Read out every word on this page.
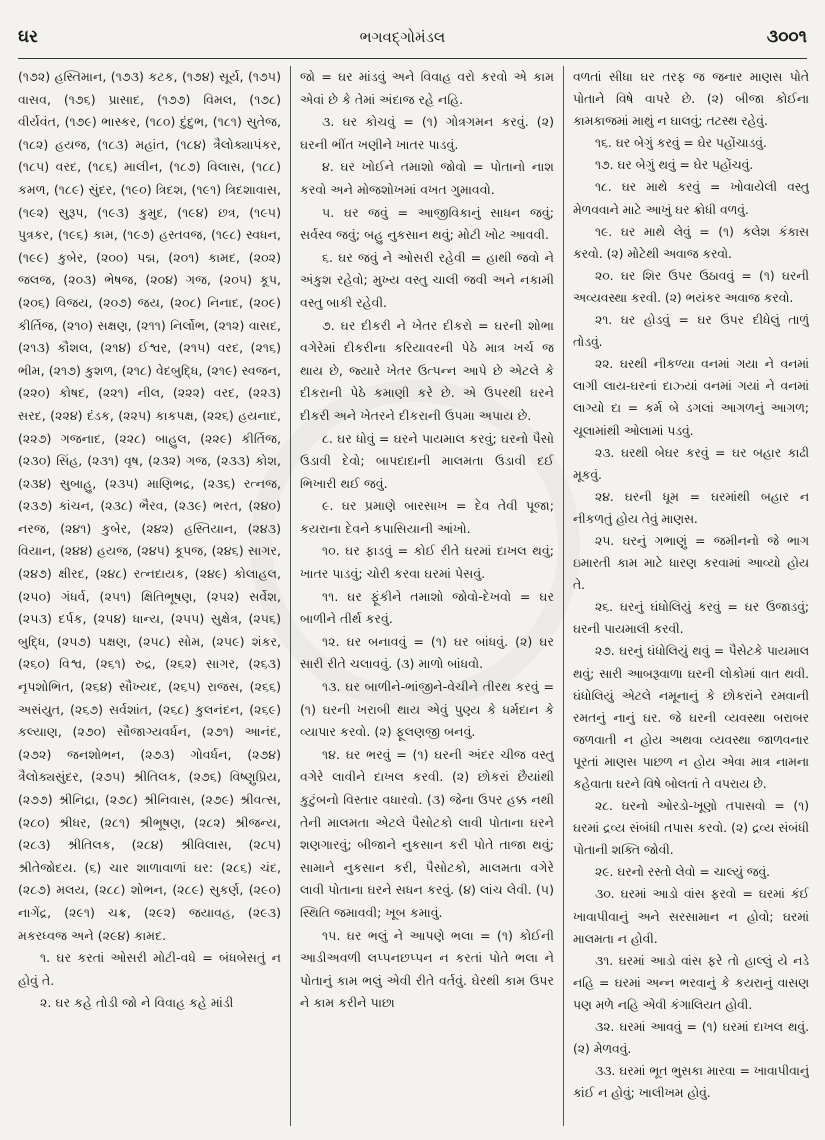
ઘર	ભગવદ્ગોમંડલ	૩૦૦૧

(૧૭૨) હસ્તિમાન, (૧૭૩) કટક, (૧૭૪) સૂર્ય, (૧૭૫) વાસવ, (૧૭૬) પ્રાસાદ, (૧૭૭) વિમલ, (૧૭૮) વીર્યવંત, (૧૭૯) ભાસ્કર, (૧૮૦) દુંદુભ, (૧૮૧) સુતેજ, (૧૮૨) હયજ, (૧૮૩) મહાંત, (૧૮૪) ત્રૈલોક્યાપંકર, (૧૮૫) વરદ, (૧૮૬) માલીન, (૧૮૭) વિલાસ, (૧૮૮) કમળ, (૧૮૯) સુંદર, (૧૯૦) ત્રિદશ, (૧૯૧) ત્રિદશાવાસ, (૧૯૨) સુરૂપ, (૧૯૩) કુમુદ, (૧૯૪) છત્ર, (૧૯૫) પુત્રકર, (૧૯૬) કામ, (૧૯૭) હસ્તવજ, (૧૯૮) સ્વધન, (૧૯૯) કુબેર, (૨૦૦) પદ્મ, (૨૦૧) કામદ, (૨૦૨) જલજ, (૨૦૩) ભેષજ, (૨૦૪) ગજ, (૨૦૫) કૂપ, (૨૦૬) વિજય, (૨૦૭) જય, (૨૦૮) નિનાદ, (૨૦૯) કીર્તિજ, (૨૧૦) સક્ષણ, (૨૧૧) નિર્લોભ, (૨૧૨) વાસદ, (૨૧૩) કૌશલ, (૨૧૪) ઈશ્વર, (૨૧૫) વરદ, (૨૧૬) ભીમ, (૨૧૭) કુશળ, (૨૧૮) વેદબુદ્ધિ, (૨૧૯) સ્વજન, (૨૨૦) કોષદ, (૨૨૧) નીલ, (૨૨૨) વરદ, (૨૨૩) સરદ, (૨૨૪) દંડક, (૨૨૫) કાકપક્ષ, (૨૨૬) હયનાદ, (૨૨૭) ગજનાદ, (૨૨૮) બાહુલ, (૨૨૯) કીર્તિજ, (૨૩૦) સિંહ, (૨૩૧) વૃષ, (૨૩૨) ગજ, (૨૩૩) કોશ, (૨૩૪) સુબાહુ, (૨૩૫) માણિભદ્ર, (૨૩૬) રત્નજ, (૨૩૭) કાંચન, (૨૩૮) ભૈરવ, (૨૩૯) ભરત, (૨૪૦) નરજ, (૨૪૧) કુબેર, (૨૪૨) હસ્તિયાન, (૨૪૩) વિયાન, (૨૪૪) હયજ, (૨૪૫) કૂપજ, (૨૪૬) સાગર, (૨૪૭) ક્ષીરદ, (૨૪૮) રત્નદાયક, (૨૪૯) કોલાહલ, (૨૫૦) ગંધર્વ, (૨૫૧) ક્ષિતિભૂષણ, (૨૫૨) સર્વેશ, (૨૫૩) દર્પક, (૨૫૪) ધાન્ય, (૨૫૫) સુક્ષેત્ર, (૨૫૬) બુદ્ધિ, (૨૫૭) પક્ષણ, (૨૫૮) સોમ, (૨૫૯) શંકર, (૨૬૦) વિશ્વ, (૨૬૧) રુદ્ર, (૨૬૨) સાગર, (૨૬૩) નૃપશોભિત, (૨૬૪) સૌખ્યદ, (૨૬૫) રાજસ, (૨૬૬) અસંયુત, (૨૬૭) સર્વશાંત, (૨૬૮) કુલનંદન, (૨૬૯) કલ્યાણ, (૨૭૦) સૌજાગ્યવર્ધન, (૨૭૧) આનંદ, (૨૭૨) જનશોભન, (૨૭૩) ગોવર્ધન, (૨૭૪) ત્રૈલોક્યસુંદર, (૨૭૫) શ્રીતિલક, (૨૭૬) વિષ્ણુપ્રિય, (૨૭૭) શ્રીનિદ્રા, (૨૭૮) શ્રીનિવાસ, (૨૭૯) શ્રીવત્સ, (૨૮૦) શ્રીધર, (૨૮૧) શ્રીભૂષણ, (૨૮૨) શ્રીજન્ય, (૨૮૩) શ્રીતિલક, (૨૮૪) શ્રીવિલાસ, (૨૮૫) શ્રીતેજોદય. (૬) ચાર શાળાવાળાં ઘર: (૨૮૬) ચંદ, (૨૮૭) મલય, (૨૮૮) શોભન, (૨૮૯) સુકર્ણ, (૨૯૦) નાગેંદ્ર, (૨૯૧) ચક્ર, (૨૯૨) જયાવહ, (૨૯૩) મકરધ્વજ અને (૨૯૪) કામદ.

૧. ઘર કરતાં ઓસરી મોટી-વધે = બંધબેસતું ન હોવું તે.

૨. ઘર કહે તોડી જો ને વિવાહ કહે માંડી

જો = ઘર માંડવું અને વિવાહ વરો કરવો એ કામ એવાં છે કે તેમાં અંદાજ રહે નહિ.

૩. ઘર કોચવું = (૧) ગોત્રગમન કરવું. (૨) ઘરની ભીંત ખણીને ખાતર પાડવું.

૪. ઘર ખોઈને તમાશો જોવો = પોતાનો નાશ કરવો અને મોજશોખમાં વખત ગુમાવવો.

૫. ઘર જવું = આજીવિકાનું સાધન જવું; સર્વસ્વ જવું; બહુ નુકસાન થવું; મોટી ખોટ આવવી.

૬. ઘર જવું ને ઓસરી રહેવી = હાથી જવો ને અંકુશ રહેવો; મુખ્ય વસ્તુ ચાલી જવી અને નકામી વસ્તુ બાકી રહેવી.

૭. ઘર દીકરી ને ખેતર દીકરો = ઘરની શોભા વગેરેમાં દીકરીના કરિયાવરની પેઠે માત્ર ખર્ચ જ થાય છે, જ્યારે ખેતર ઉત્પન્ન આપે છે એટલે કે દીકરાની પેઠે કમાણી કરે છે. એ ઉપરથી ઘરને દીકરી અને ખેતરને દીકરાની ઉપમા અપાય છે.

૮. ઘર ધોવું = ઘરને પાયમાલ કરવું; ઘરનો પૈસો ઉડાવી દેવો; બાપદાદાની માલમતા ઉડાવી દઈ ભિખારી થઈ જવું.

૯. ઘર પ્રમાણે બારસાખ = દેવ તેવી પૂજા; કયરાના દેવને કપાસિયાની આંખો.

૧૦. ઘર ફાડવું = કોઈ રીતે ઘરમાં દાખલ થવું; ખાતર પાડવું; ચોરી કરવા ઘરમાં પેસવું.

૧૧. ઘર ફૂંકીને તમાશો જોવો-દેખવો = ઘર બાળીને તીર્થ કરવું.

૧૨. ઘર બનાવવું = (૧) ઘર બાંધવું. (૨) ઘર સારી રીતે ચલાવવું. (૩) માળો બાંધવો.

૧૩. ઘર બાળીને-ભાંજીને-વેચીને તીરથ કરવું = (૧) ઘરની ખરાબી થાય એવું પુણ્ય કે ધર્મદાન કે વ્યાપાર કરવો. (૨) ફૂલણજી બનવું.

૧૪. ઘર ભરવું = (૧) ઘરની અંદર ચીજ વસ્તુ વગેરે લાવીને દાખલ કરવી. (૨) છોકરાં છૈયાંથી કુટુંબનો વિસ્તાર વધારવો. (૩) જેના ઉપર હક્ક નથી તેની માલમતા એટલે પૈસોટકો લાવી પોતાના ઘરને શણગારવું; બીજાને નુકસાન કરી પોતે તાજા થવું; સામાને નુકસાન કરી, પૈસોટકો, માલમતા વગેરે લાવી પોતાના ઘરને સધન કરવું. (૪) લાંચ લેવી. (૫) સ્થિતિ જમાવવી; ખૂબ કમાવું.

૧૫. ઘર ભલું ને આપણે ભલા = (૧) કોઈની આડીઅવળી લપ્પનછપ્પન ન કરતાં પોતે ભલા ને પોતાનું કામ ભલું એવી રીતે વર્તવું. ઘેરથી કામ ઉપર ને કામ કરીને પાછા

વળતાં સીધા ઘર તરફ જ જનાર માણસ પોતે પોતાને વિષે વાપરે છે. (૨) બીજા કોઈના કામકાજમાં માથું ન ઘાલવું; તટસ્થ રહેવું.

૧૬. ઘર બેગું કરવું = ઘેર પહોંચાડવું.

૧૭. ઘર બેગું થવું = ઘેર પહોંચવું.

૧૮. ઘર માથે કરવું = ખોવાયેલી વસ્તુ મેળવવાને માટે આખું ઘર ક્રોધી વળવું.

૧૯. ઘર માથે લેવું = (૧) કલેશ કંકાસ કરવો. (૨) મોટેથી અવાજ કરવો.

૨૦. ઘર શિર ઉપર ઉઠાવવું = (૧) ઘરની અવ્યવસ્થા કરવી. (૨) ભયંકર અવાજ કરવો.

૨૧. ઘર હોડવું = ઘર ઉપર દીધેલું તાળું તોડવું.

૨૨. ઘરથી નીકળ્યા વનમાં ગયા ને વનમાં લાગી લાય-ઘરનાં દાઝ્યાં વનમાં ગયાં ને વનમાં લાગ્યો દા = કર્મ બે ડગલાં આગળનું આગળ; ચૂલામાંથી ઓલામાં પડવું.

૨૩. ઘરથી બેઘર કરવું = ઘર બહાર કાઢી મૂકવું.

૨૪. ઘરની ધૂમ = ઘરમાંથી બહાર ન નીકળતું હોય તેવું માણસ.

૨૫. ઘરનું ગભાણું = જમીનનો જે ભાગ ઇમારતી કામ માટે ધારણ કરવામાં આવ્યો હોય તે.

૨૬. ઘરનું ઘંધોલિયું કરવું = ઘર ઉજાડવું; ઘરની પાયમાલી કરવી.

૨૭. ઘરનું ઘંધોલિયું થવું = પૈસેટકે પાયમાલ થવું; સારી આબરૂવાળા ઘરની લોકોમાં વાત થવી. ઘંધોલિયું એટલે નમૂનાનું કે છોકરાંને રમવાની રમતનું નાનું ઘર. જે ઘરની વ્યવસ્થા બરાબર જળવાતી ન હોય અથવા વ્યવસ્થા જાળવનાર પૂરતાં માણસ પાછળ ન હોય એવા માત્ર નામના કહેવાતા ઘરને વિષે બોલતાં તે વપરાય છે.

૨૮. ઘરનો ઓરડો-ખૂણો તપાસવો = (૧) ઘરમાં દ્રવ્ય સંબંધી તપાસ કરવો. (૨) દ્રવ્ય સંબંધી પોતાની શક્તિ જોવી.

૨૯. ઘરનો રસ્તો લેવો = ચાલ્યું જવું.

૩૦. ઘરમાં આડો વાંસ ફરવો = ઘરમાં કંઈ ખાવાપીવાનું અને સરસામાન ન હોવો; ઘરમાં માલમતા ન હોવી.

૩૧. ઘરમાં આડો વાંસ ફરે તો હાલ્લું યે નડે નહિ = ઘરમાં અન્ન ભરવાનું કે કયરાનું વાસણ પણ મળે નહિ એવી કંગાલિયત હોવી.

૩૨. ઘરમાં આવવું = (૧) ઘરમાં દાખલ થવું. (૨) મેળવવું.

૩૩. ઘરમાં ભૂત ભુસકા મારવા = ખાવાપીવાનું કાંઈ ન હોવું; ખાલીખમ હોવું.
